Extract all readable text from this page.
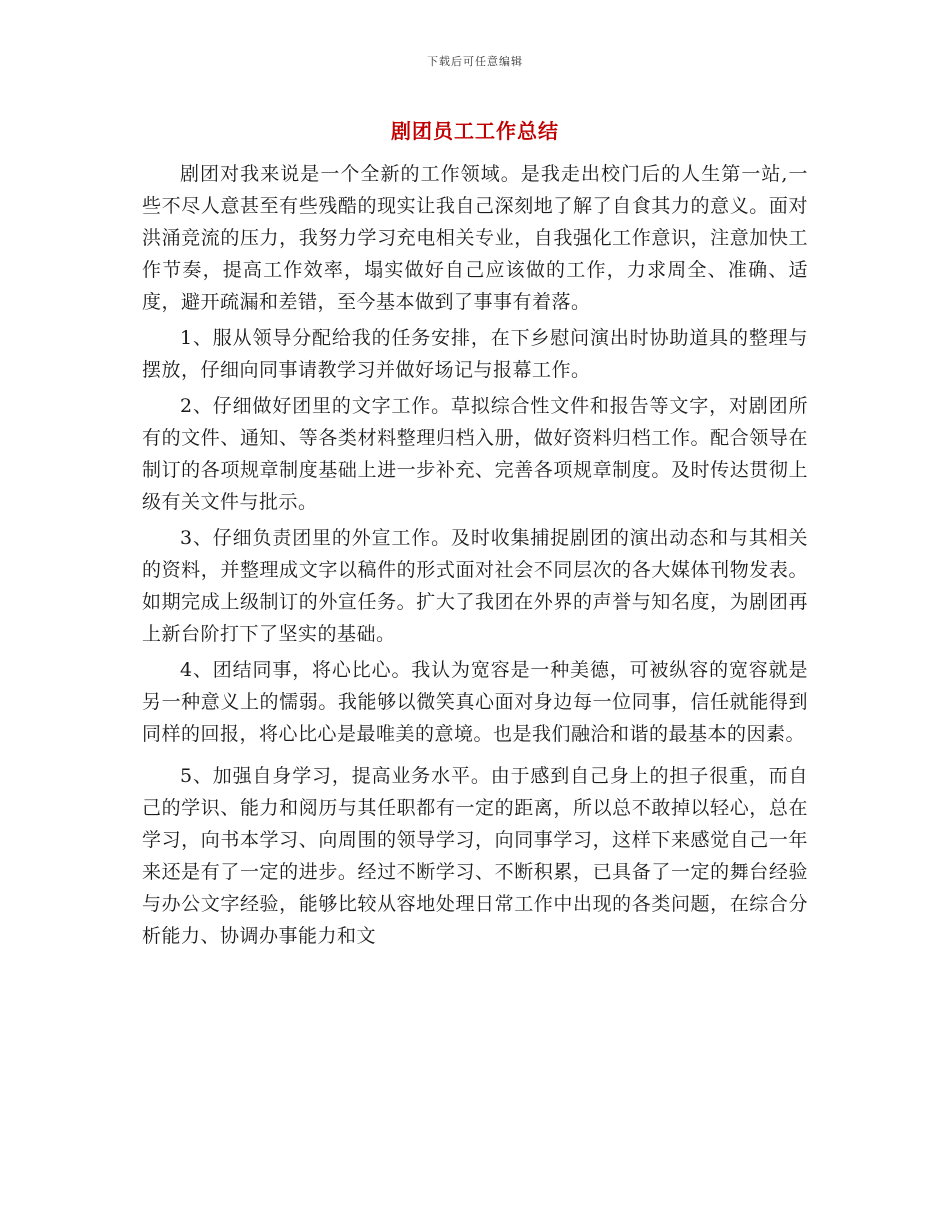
下载后可任意编辑
剧团员工工作总结

剧团对我来说是一个全新的工作领域。是我走出校门后的人生第一站,一些不尽人意甚至有些残酷的现实让我自己深刻地了解了自食其力的意义。面对洪涌竞流的压力，我努力学习充电相关专业，自我强化工作意识，注意加快工作节奏，提高工作效率，塌实做好自己应该做的工作，力求周全、准确、适度，避开疏漏和差错，至今基本做到了事事有着落。

1、服从领导分配给我的任务安排，在下乡慰问演出时协助道具的整理与摆放，仔细向同事请教学习并做好场记与报幕工作。

2、仔细做好团里的文字工作。草拟综合性文件和报告等文字，对剧团所有的文件、通知、等各类材料整理归档入册，做好资料归档工作。配合领导在制订的各项规章制度基础上进一步补充、完善各项规章制度。及时传达贯彻上级有关文件与批示。

3、仔细负责团里的外宣工作。及时收集捕捉剧团的演出动态和与其相关的资料，并整理成文字以稿件的形式面对社会不同层次的各大媒体刊物发表。如期完成上级制订的外宣任务。扩大了我团在外界的声誉与知名度，为剧团再上新台阶打下了坚实的基础。

4、团结同事，将心比心。我认为宽容是一种美德，可被纵容的宽容就是另一种意义上的懦弱。我能够以微笑真心面对身边每一位同事，信任就能得到同样的回报，将心比心是最唯美的意境。也是我们融洽和谐的最基本的因素。

5、加强自身学习，提高业务水平。由于感到自己身上的担子很重，而自己的学识、能力和阅历与其任职都有一定的距离，所以总不敢掉以轻心，总在学习，向书本学习、向周围的领导学习，向同事学习，这样下来感觉自己一年来还是有了一定的进步。经过不断学习、不断积累，已具备了一定的舞台经验与办公文字经验，能够比较从容地处理日常工作中出现的各类问题，在综合分析能力、协调办事能力和文
